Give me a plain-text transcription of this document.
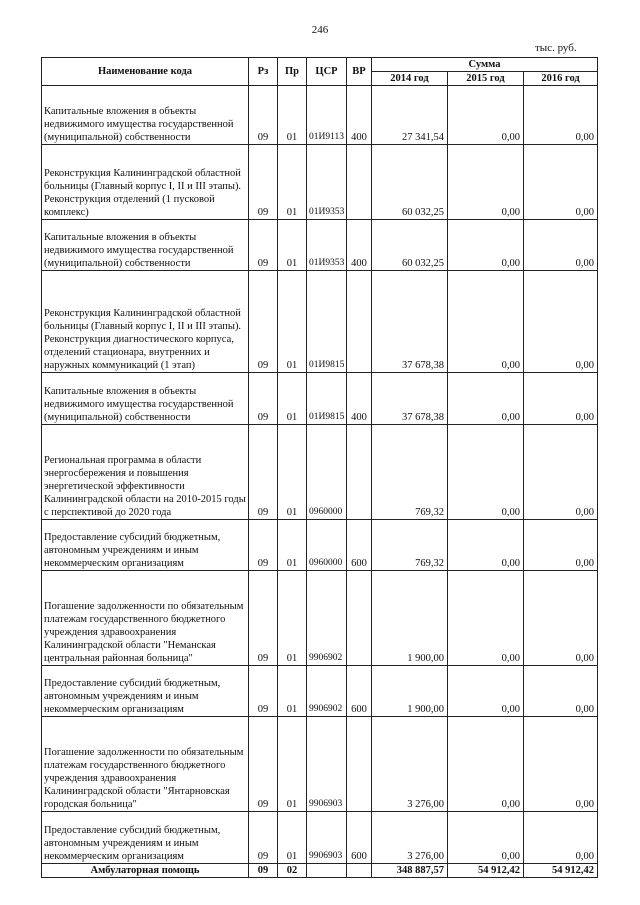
246
тыс. руб.
Наименование кода	Рз	Пр	ЦСР	ВР	Сумма		
					2014 год	2015 год	2016 год
Капитальные вложения в объекты недвижимого имущества государственной (муниципальной) собственности	09	01	01И9113	400	27 341,54	0,00	0,00
Реконструкция Калининградской областной больницы (Главный корпус I, II и III этапы). Реконструкция отделений (1 пусковой комплекс)	09	01	01И9353		60 032,25	0,00	0,00
Капитальные вложения в объекты недвижимого имущества государственной (муниципальной) собственности	09	01	01И9353	400	60 032,25	0,00	0,00
Реконструкция Калининградской областной больницы (Главный корпус I, II и III этапы). Реконструкция диагностического корпуса, отделений стационара, внутренних и наружных коммуникаций (1 этап)	09	01	01И9815		37 678,38	0,00	0,00
Капитальные вложения в объекты недвижимого имущества государственной (муниципальной) собственности	09	01	01И9815	400	37 678,38	0,00	0,00
Региональная программа в области энергосбережения и повышения энергетической эффективности Калининградской области на 2010-2015 годы с перспективой до 2020 года	09	01	0960000		769,32	0,00	0,00
Предоставление субсидий бюджетным, автономным учреждениям и иным некоммерческим организациям	09	01	0960000	600	769,32	0,00	0,00
Погашение задолженности по обязательным платежам государственного бюджетного учреждения здравоохранения Калининградской области "Неманская центральная районная больница"	09	01	9906902		1 900,00	0,00	0,00
Предоставление субсидий бюджетным, автономным учреждениям и иным некоммерческим организациям	09	01	9906902	600	1 900,00	0,00	0,00
Погашение задолженности по обязательным платежам государственного бюджетного учреждения здравоохранения Калининградской области "Янтарновская городская больница"	09	01	9906903		3 276,00	0,00	0,00
Предоставление субсидий бюджетным, автономным учреждениям и иным некоммерческим организациям	09	01	9906903	600	3 276,00	0,00	0,00
Амбулаторная помощь	09	02			348 887,57	54 912,42	54 912,42
